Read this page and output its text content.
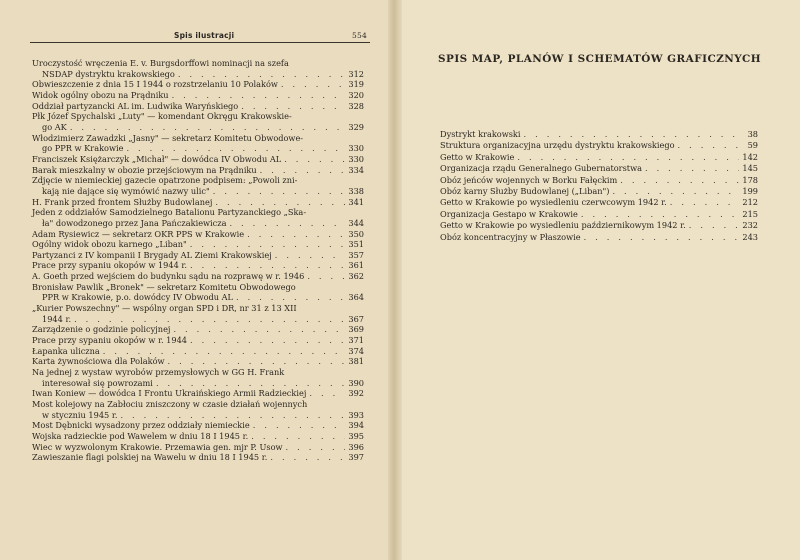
Spis ilustracji	554
Uroczystość wręczenia E. v. Burgsdorffowi nominacji na szefa
NSDAP dystryktu krakowskiego . . .	312
Obwieszczenie z dnia 15 I 1944 o rozstrzelaniu 10 Polaków . . .	319
Widok ogólny obozu na Prądniku . . .	320
Oddział partyzancki AL im. Ludwika Waryńskiego . . .	328
Płk Józef Spychalski „Luty" — komendant Okręgu Krakowskie-
go AK . . .	329
Włodzimierz Zawadzki „Jasny" — sekretarz Komitetu Obwodowe-
go PPR w Krakowie . . .	330
Franciszek Księżarczyk „Michał" — dowódca IV Obwodu AL . . .	330
Barak mieszkalny w obozie przejściowym na Prądniku . . .	334
Zdjęcie w niemieckiej gazecie opatrzone podpisem: „Powoli zni-
kają nie dające się wymówić nazwy ulic" . . .	338
H. Frank przed frontem Służby Budowlanej . . .	341
Jeden z oddziałów Samodzielnego Batalionu Partyzanckiego „Ska-
ła" dowodzonego przez Jana Pańczakiewicza . . .	344
Adam Rysiewicz — sekretarz OKR PPS w Krakowie . . .	350
Ogólny widok obozu karnego „Liban" . . .	351
Partyzanci z IV kompanii I Brygady AL Ziemi Krakowskiej . . .	357
Prace przy sypaniu okopów w 1944 r. . . .	361
A. Goeth przed wejściem do budynku sądu na rozprawę w r. 1946 . . .	362
Bronisław Pawlik „Bronek" — sekretarz Komitetu Obwodowego
PPR w Krakowie, p.o. dowódcy IV Obwodu AL . . .	364
„Kurier Powszechny" — wspólny organ SPD i DR, nr 31 z 13 XII
1944 r. . . .	367
Zarządzenie o godzinie policyjnej . . .	369
Prace przy sypaniu okopów w r. 1944 . . .	371
Łapanka uliczna . . .	374
Karta żywnościowa dla Polaków . . .	381
Na jednej z wystaw wyrobów przemysłowych w GG H. Frank
interesował się powrozami . . .	390
Iwan Koniew — dowódca I Frontu Ukraińskiego Armii Radzieckiej . . .	392
Most kolejowy na Zabłociu zniszczony w czasie działań wojennych
w styczniu 1945 r. . . .	393
Most Dębnicki wysadzony przez oddziały niemieckie . . .	394
Wojska radzieckie pod Wawelem w dniu 18 I 1945 r. . . .	395
Wiec w wyzwolonym Krakowie. Przemawia gen. mjr P. Usow . . .	396
Zawieszanie flagi polskiej na Wawelu w dniu 18 I 1945 r. . . .	397
SPIS MAP, PLANÓW I SCHEMATÓW GRAFICZNYCH
Dystrykt krakowski . . .	38
Struktura organizacyjna urzędu dystryktu krakowskiego . . .	59
Getto w Krakowie . . .	142
Organizacja rządu Generalnego Gubernatorstwa . . .	145
Obóz jeńców wojennych w Borku Fałęckim . . .	178
Obóz karny Służby Budowlanej („Liban") . . .	199
Getto w Krakowie po wysiedleniu czerwcowym 1942 r. . . .	212
Organizacja Gestapo w Krakowie . . .	215
Getto w Krakowie po wysiedleniu październikowym 1942 r. . . .	232
Obóz koncentracyjny w Płaszowie . . .	243
